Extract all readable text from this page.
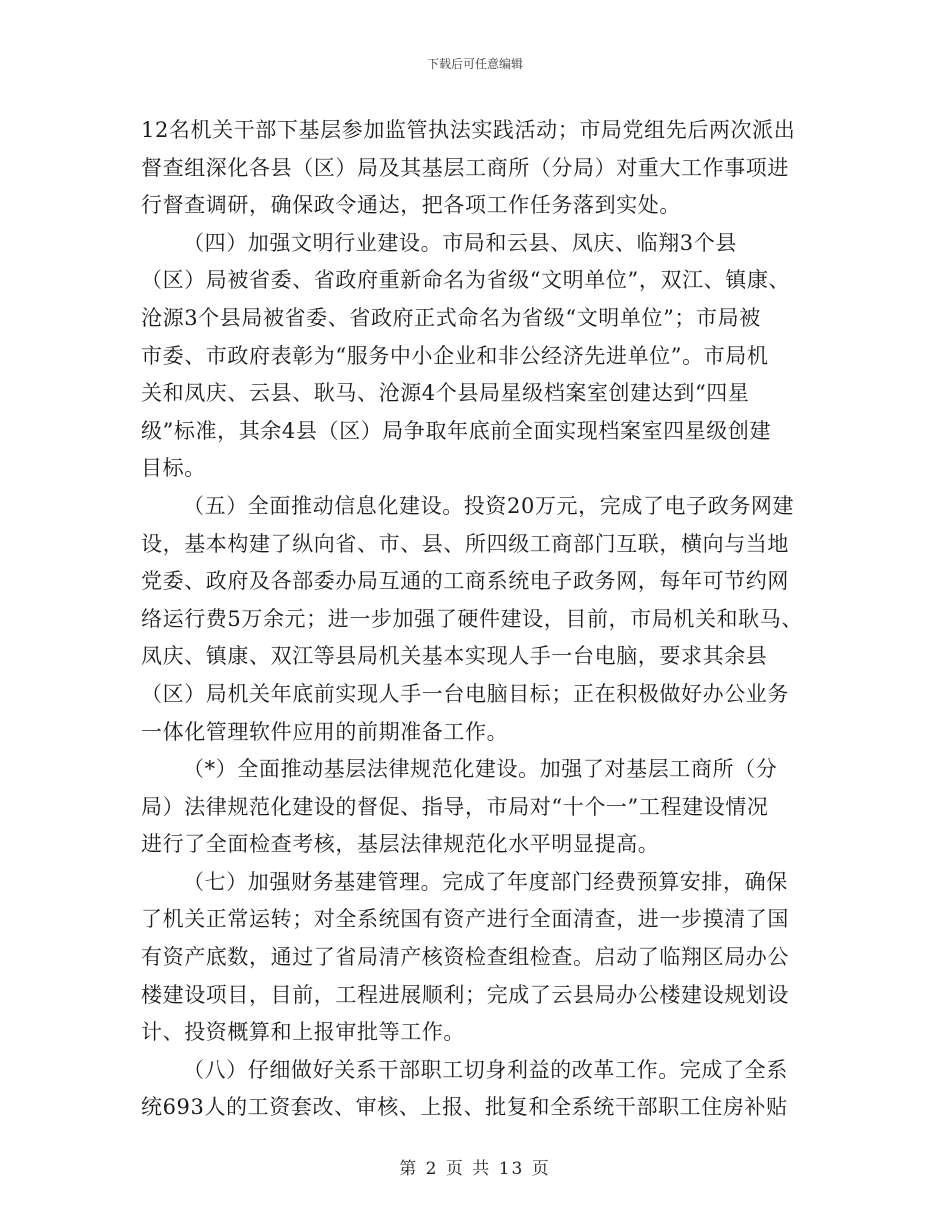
下载后可任意编辑
12名机关干部下基层参加监管执法实践活动；市局党组先后两次派出
督查组深化各县（区）局及其基层工商所（分局）对重大工作事项进
行督查调研，确保政令通达，把各项工作任务落到实处。
（四）加强文明行业建设。市局和云县、凤庆、临翔3个县
（区）局被省委、省政府重新命名为省级“文明单位”，双江、镇康、
沧源3个县局被省委、省政府正式命名为省级“文明单位”；市局被
市委、市政府表彰为“服务中小企业和非公经济先进单位”。市局机
关和凤庆、云县、耿马、沧源4个县局星级档案室创建达到“四星
级”标准，其余4县（区）局争取年底前全面实现档案室四星级创建
目标。
（五）全面推动信息化建设。投资20万元，完成了电子政务网建
设，基本构建了纵向省、市、县、所四级工商部门互联，横向与当地
党委、政府及各部委办局互通的工商系统电子政务网，每年可节约网
络运行费5万余元；进一步加强了硬件建设，目前，市局机关和耿马、
凤庆、镇康、双江等县局机关基本实现人手一台电脑，要求其余县
（区）局机关年底前实现人手一台电脑目标；正在积极做好办公业务
一体化管理软件应用的前期准备工作。
（*）全面推动基层法律规范化建设。加强了对基层工商所（分
局）法律规范化建设的督促、指导，市局对“十个一”工程建设情况
进行了全面检查考核，基层法律规范化水平明显提高。
（七）加强财务基建管理。完成了年度部门经费预算安排，确保
了机关正常运转；对全系统国有资产进行全面清查，进一步摸清了国
有资产底数，通过了省局清产核资检查组检查。启动了临翔区局办公
楼建设项目，目前，工程进展顺利；完成了云县局办公楼建设规划设
计、投资概算和上报审批等工作。
（八）仔细做好关系干部职工切身利益的改革工作。完成了全系
统693人的工资套改、审核、上报、批复和全系统干部职工住房补贴
第 2 页 共 13 页
